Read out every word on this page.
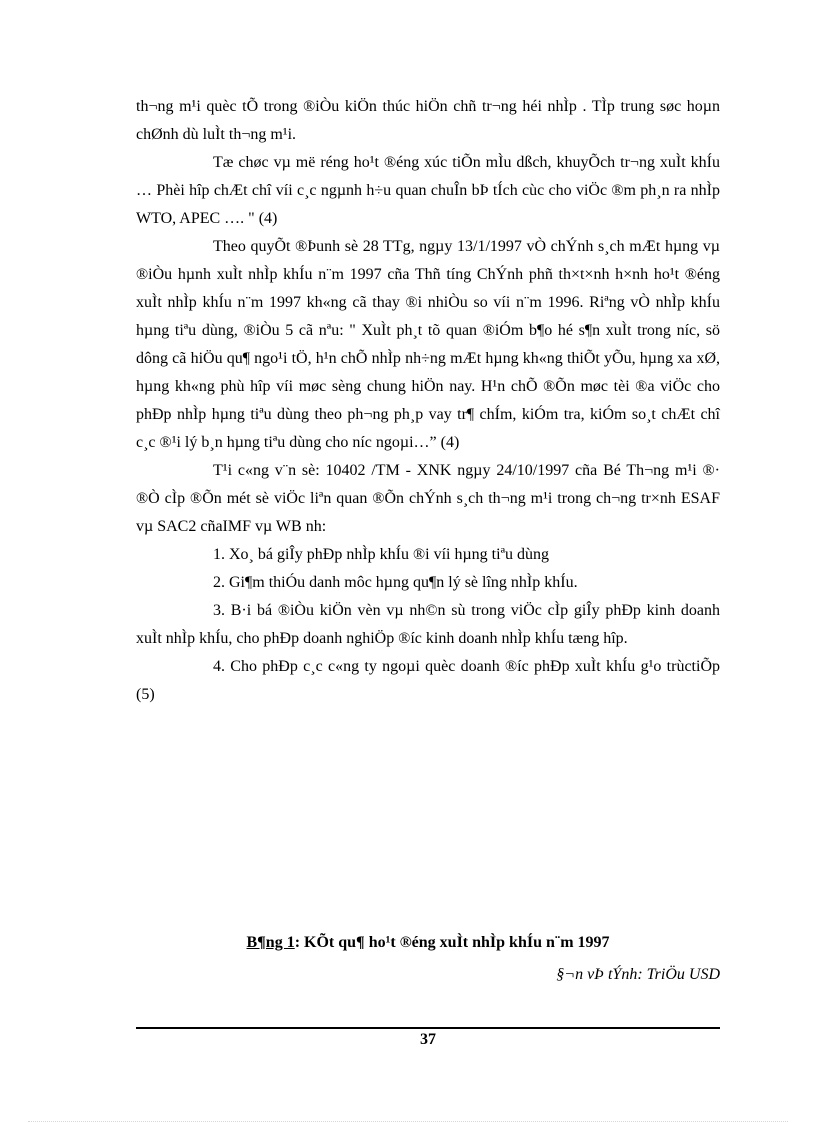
th¬ng m¹i quèc tÕ trong ®iÒu kiÖn thúc hiÖn chñ tr¬ng héi nhÌp . TÌp trung søc hoµn chØnh dù luÌt th¬ng m¹i.

Tæ chøc vµ më réng ho¹t ®éng xúc tiÕn mÌu dßch, khuyÕch tr¬ng xuÌt khÍu … Phèi hîp chÆt chî víi c¸c ngµnh h÷u quan chuÎn bÞ tÍch cùc cho viÖc ®m ph¸n ra nhÌp WTO, APEC …. " (4)

Theo quyÕt ®Þunh sè 28 TTg, ngµy 13/1/1997 vÒ chÝnh s¸ch mÆt hµng vµ ®iÒu hµnh xuÌt nhÌp khÍu n¨m 1997 cña Thñ tíng ChÝnh phñ th×t×nh h×nh ho¹t ®éng xuÌt nhÌp khÍu n¨m 1997 kh«ng cã thay ®i nhiÒu so víi n¨m 1996. Riªng vÒ nhÌp khÍu hµng tiªu dùng, ®iÒu 5 cã nªu: " XuÌt ph¸t tõ quan ®iÓm b¶o hé s¶n xuÌt trong níc, sö dông cã hiÖu qu¶ ngo¹i tÖ, h¹n chÕ nhÌp nh÷ng mÆt hµng kh«ng thiÕt yÕu, hµng xa xØ, hµng kh«ng phù hîp víi møc sèng chung hiÖn nay. H¹n chÕ ®Õn møc tèi ®a viÖc cho phÐp nhÌp hµng tiªu dùng theo ph¬ng ph¸p vay tr¶ chÍm, kiÓm tra, kiÓm so¸t chÆt chî c¸c ®¹i lý b¸n hµng tiªu dùng cho níc ngoµi…” (4)

T¹i c«ng v¨n sè: 10402 /TM - XNK ngµy 24/10/1997 cña Bé Th¬ng m¹i ®· ®Ò cÌp ®Õn mét sè viÖc liªn quan ®Õn chÝnh s¸ch th¬ng m¹i trong ch¬ng tr×nh ESAF vµ SAC2 cñaIMF vµ WB nh:

1. Xo¸ bá giÎy phÐp nhÌp khÍu ®i víi hµng tiªu dùng

2. Gi¶m thiÓu danh môc hµng qu¶n lý sè lîng nhÌp khÍu.

3. B·i bá ®iÒu kiÖn vèn vµ nh©n sù trong viÖc cÌp giÎy phÐp kinh doanh xuÌt nhÌp khÍu, cho phÐp doanh nghiÖp ®íc kinh doanh nhÌp khÍu tæng hîp.

4. Cho phÐp c¸c c«ng ty ngoµi quèc doanh ®íc phÐp xuÌt khÍu g¹o trùctiÕp (5)

B¶ng 1: KÕt qu¶ ho¹t ®éng xuÌt nhÌp khÍu n¨m 1997
§¬n vÞ tÝnh: TriÖu USD
37
